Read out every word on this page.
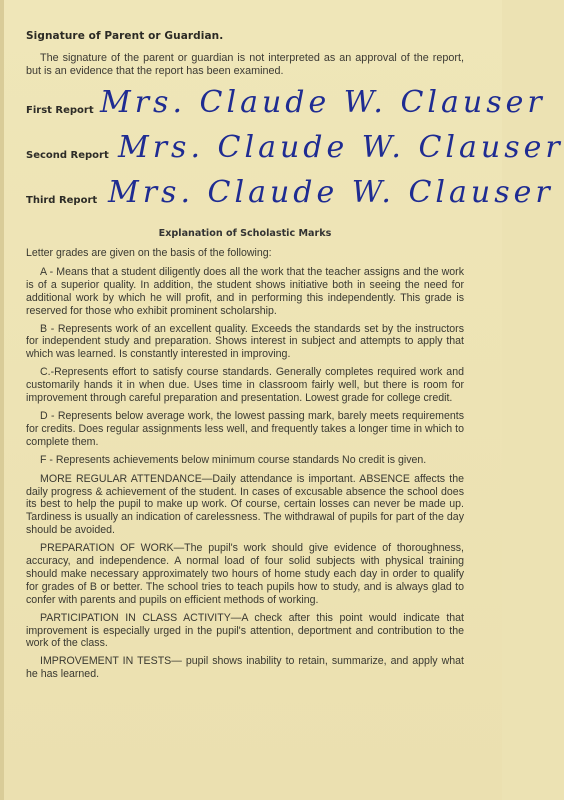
Signature of Parent or Guardian.

The signature of the parent or guardian is not interpreted as an approval of the report, but is an evidence that the report has been examined.

First Report Mrs. Claude W. Clauser
Second Report Mrs. Claude W. Clauser
Third Report Mrs. Claude W. Clauser
Explanation of Scholastic Marks

Letter grades are given on the basis of the following:

A - Means that a student diligently does all the work that the teacher assigns and the work is of a superior quality. In addition, the student shows initiative both in seeing the need for additional work by which he will profit, and in performing this independently. This grade is reserved for those who exhibit prominent scholarship.

B - Represents work of an excellent quality. Exceeds the standards set by the instructors for independent study and preparation. Shows interest in subject and attempts to apply that which was learned. Is constantly interested in improving.

C.-Represents effort to satisfy course standards. Generally completes required work and customarily hands it in when due. Uses time in classroom fairly well, but there is room for improvement through careful preparation and presentation. Lowest grade for college credit.

D - Represents below average work, the lowest passing mark, barely meets requirements for credits. Does regular assignments less well, and frequently takes a longer time in which to complete them.

F - Represents achievements below minimum course standards No credit is given.

MORE REGULAR ATTENDANCE—Daily attendance is important. ABSENCE affects the daily progress & achievement of the student. In cases of excusable absence the school does its best to help the pupil to make up work. Of course, certain losses can never be made up. Tardiness is usually an indication of carelessness. The withdrawal of pupils for part of the day should be avoided.

PREPARATION OF WORK—The pupil's work should give evidence of thoroughness, accuracy, and independence. A normal load of four solid subjects with physical training should make necessary approximately two hours of home study each day in order to qualify for grades of B or better. The school tries to teach pupils how to study, and is always glad to confer with parents and pupils on efficient methods of working.

PARTICIPATION IN CLASS ACTIVITY—A check after this point would indicate that improvement is especially urged in the pupil's attention, deportment and contribution to the work of the class.

IMPROVEMENT IN TESTS— pupil shows inability to retain, summarize, and apply what he has learned.
